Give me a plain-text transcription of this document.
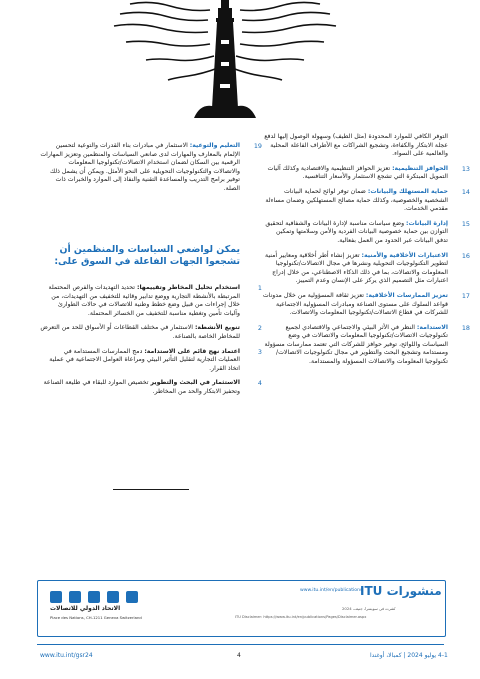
التوفر الكافي للموارد المحدودة (مثل الطيف) وسهولة الوصول إليها لدفع عجلة الابتكار والكفاءة، وتشجيع الشراكات مع الأطراف الفاعلة المحلية والعالمية على السواء.
13
الحوافز التنظيمية: تعزيز الحوافز التنظيمية والاقتصادية وكذلك آليات التمويل المبتكرة التي تشجع الاستثمار والأسعار التنافسية.
14
حماية المستهلك والبيانات: ضمان توفر لوائح لحماية البيانات الشخصية والخصوصية، وكذلك حماية مصالح المستهلكين وضمان مساءلة مقدمي الخدمات.
15
إدارة البيانات: وضع سياسات مناسبة لإدارة البيانات والشفافية لتحقيق التوازن بين حماية خصوصية البيانات الفردية والأمن وسلامتها وتمكين تدفق البيانات عبر الحدود من العمل بفعالية.
16
الاعتبارات الأخلاقية والأمنية: تعزيز إنشاء أطر أخلاقية ومعايير أمنية لتطوير التكنولوجيات التحويلية ونشرها في مجال الاتصالات/تكنولوجيا المعلومات والاتصالات، بما في ذلك الذكاء الاصطناعي، من خلال إدراج اعتبارات مثل التصميم الذي يركز على الإنسان وعدم التمييز.
17
تعزيز الممارسات الأخلاقية: تعزيز ثقافة المسؤولية من خلال مدونات قواعد السلوك على مستوى الصناعة ومبادرات المسؤولية الاجتماعية للشركات في قطاع الاتصالات/تكنولوجيا المعلومات والاتصالات.
18
الاستدامة: النظر في الأثر البيئي والاجتماعي والاقتصادي لجميع تكنولوجيات الاتصالات/تكنولوجيا المعلومات والاتصالات في وضع السياسات واللوائح، توفير حوافز للشركات التي تعتمد ممارسات مسؤولة ومستدامة وتشجيع البحث والتطوير في مجال تكنولوجيات الاتصالات/تكنولوجيا المعلومات والاتصالات المسؤولة والمستدامة.
19
التعليم والتوعية: الاستثمار في مبادرات بناء القدرات والتوعية لتحسين الإلمام بالمعارف والمهارات لدى صانعي السياسات والمنظمين وتعزيز المهارات الرقمية بين السكان لضمان استخدام الاتصالات/تكنولوجيا المعلومات والاتصالات والتكنولوجيات التحويلية على النحو الأمثل. ويمكن أن يشمل ذلك توفير برامج التدريب والمساعدة التقنية والنفاذ إلى الموارد والخبرات ذات الصلة.
يمكن لواضعي السياسات والمنظمين أن تشجعوا الجهات الفاعلة في السوق على:
1
استخدام تحليل المخاطر وتقييمها: تحديد التهديدات والفرص المحتملة المرتبطة بالأنشطة التجارية ووضع تدابير وقائية للتخفيف من التهديدات، من خلال إجراءات من قبيل وضع خطط وطنية للاتصالات في حالات الطوارئ وآليات تأمين وتغطية مناسبة للتخفيف من الخسائر المحتملة.
2
تنويع الأنشطة: الاستثمار في مختلف القطاعات أو الأسواق للحد من التعرض للمخاطر الخاصة بالصناعة.
3
اعتماد نهج قائم على الاستدامة: دمج الممارسات المستدامة في العمليات التجارية لتقليل التأثير البيئي ومراعاة العوامل الاجتماعية في عملية اتخاذ القرار.
4
الاستثمار في البحث والتطوير تخصيص الموارد للبقاء في طليعة الصناعة وتحفيز الابتكار والحد من المخاطر.
الاتحاد الدولي للاتصالات
Place des Nations, CH-1211 Geneva Switzerland
منشورات ITU
www.itu.int/en/publications
نُشرت في سويسرا، جنيف، 2024
ITU Disclaimer: https://www.itu.int/en/publications/Pages/Disclaimer.aspx
www.itu.int/gsr24	4	4-1 يوليو 2024 | كمبالا، أوغندا
